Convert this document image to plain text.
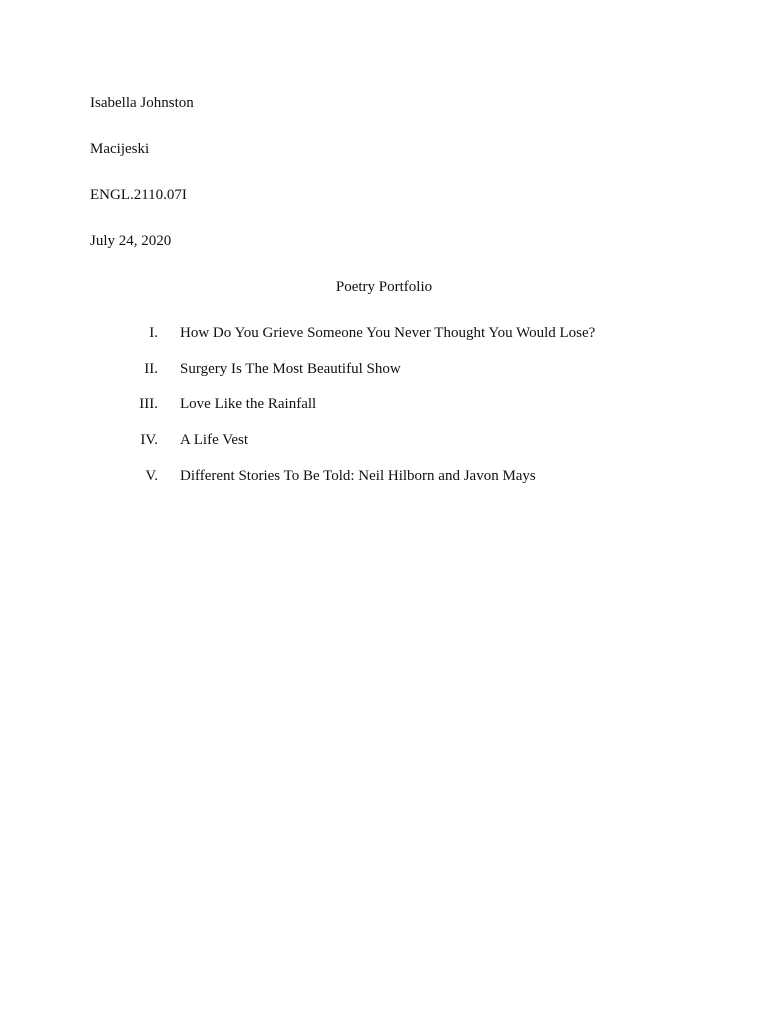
Isabella Johnston
Macijeski
ENGL.2110.07I
July 24, 2020
Poetry Portfolio
I. How Do You Grieve Someone You Never Thought You Would Lose?
II. Surgery Is The Most Beautiful Show
III. Love Like the Rainfall
IV. A Life Vest
V. Different Stories To Be Told: Neil Hilborn and Javon Mays
